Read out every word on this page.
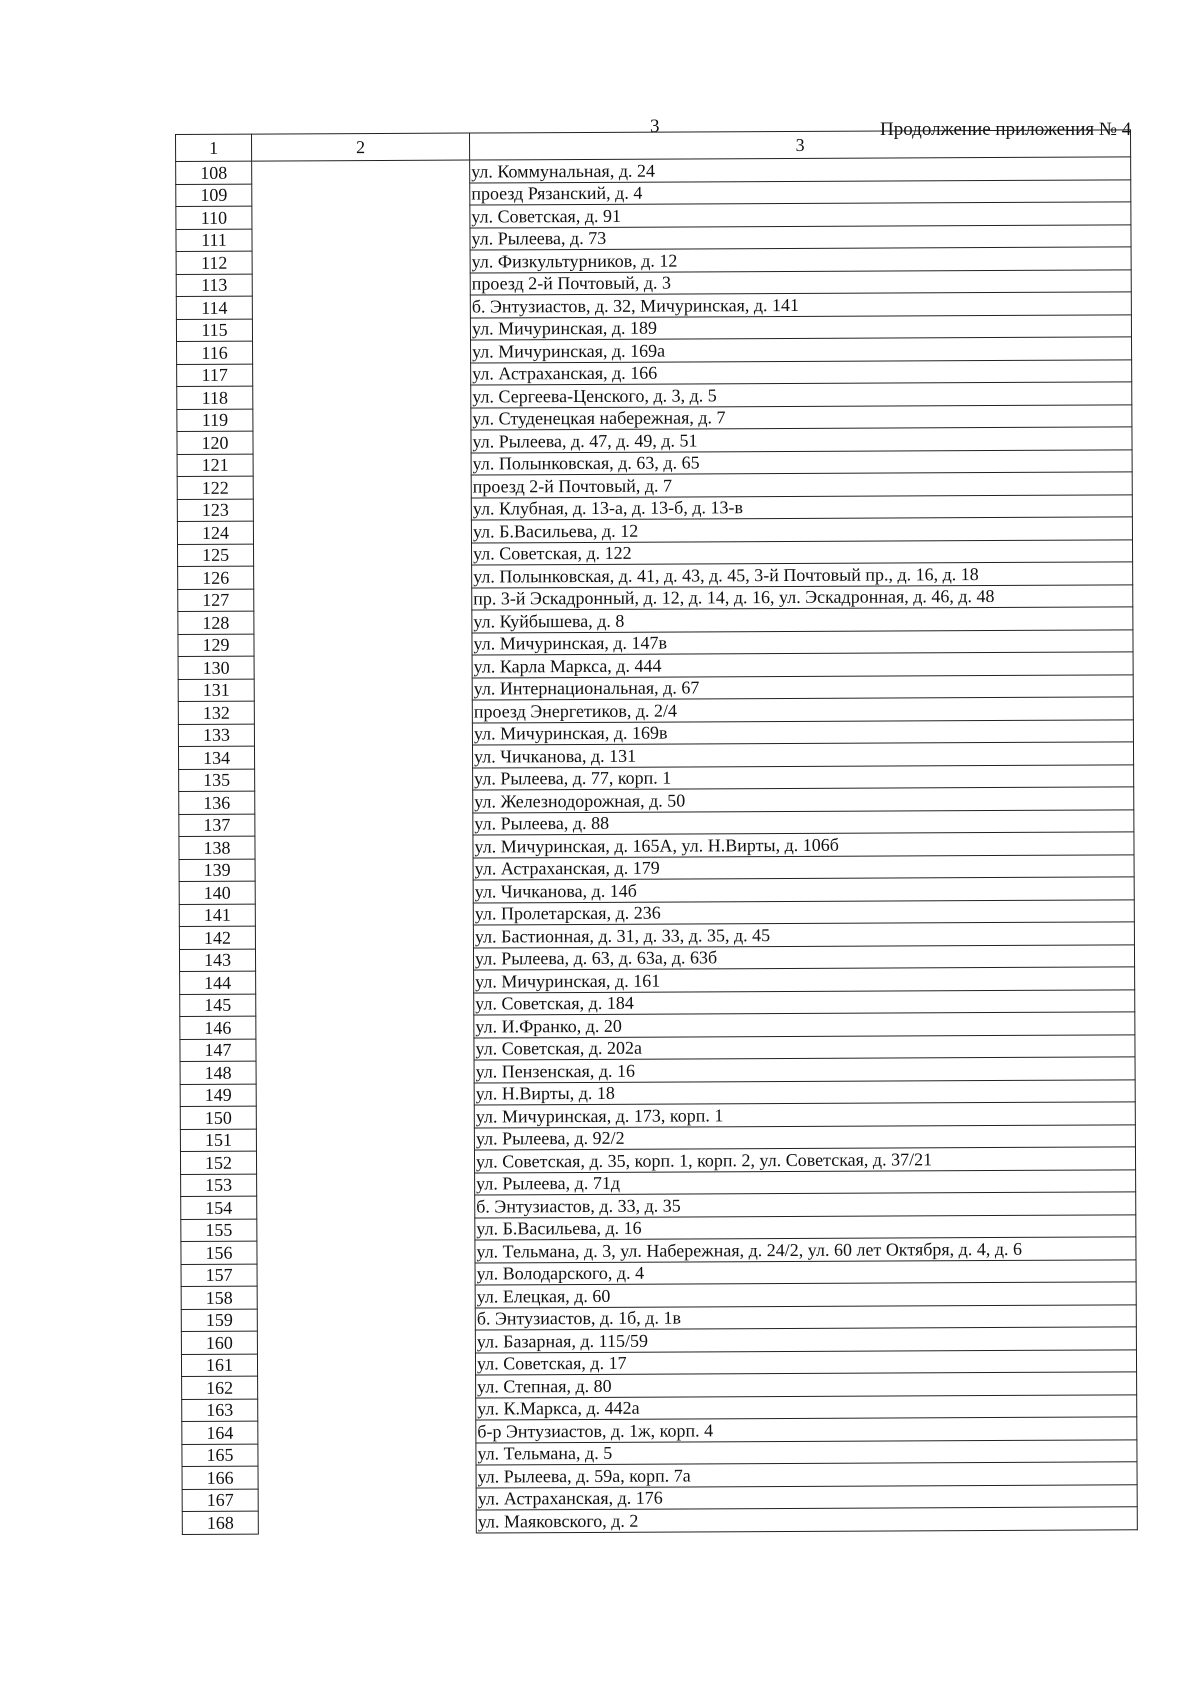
3	Продолжение приложения № 4
1	2	3
108		ул. Коммунальная, д. 24
109		проезд Рязанский, д. 4
110		ул. Советская, д. 91
111		ул. Рылеева, д. 73
112		ул. Физкультурников, д. 12
113		проезд 2-й Почтовый, д. 3
114		б. Энтузиастов, д. 32, Мичуринская, д. 141
115		ул. Мичуринская, д. 189
116		ул. Мичуринская, д. 169а
117		ул. Астраханская, д. 166
118		ул. Сергеева-Ценского, д. 3, д. 5
119		ул. Студенецкая набережная, д. 7
120		ул. Рылеева, д. 47, д. 49, д. 51
121		ул. Полынковская, д. 63, д. 65
122		проезд 2-й Почтовый, д. 7
123		ул. Клубная, д. 13-а, д. 13-б, д. 13-в
124		ул. Б.Васильева, д. 12
125		ул. Советская, д. 122
126		ул. Полынковская, д. 41, д. 43, д. 45, 3-й Почтовый пр., д. 16, д. 18
127		пр. 3-й Эскадронный, д. 12, д. 14, д. 16, ул. Эскадронная, д. 46, д. 48
128		ул. Куйбышева, д. 8
129		ул. Мичуринская, д. 147в
130		ул. Карла Маркса, д. 444
131		ул. Интернациональная, д. 67
132		проезд Энергетиков, д. 2/4
133		ул. Мичуринская, д. 169в
134		ул. Чичканова, д. 131
135		ул. Рылеева, д. 77, корп. 1
136		ул. Железнодорожная, д. 50
137		ул. Рылеева, д. 88
138		ул. Мичуринская, д. 165А, ул. Н.Вирты, д. 106б
139		ул. Астраханская, д. 179
140		ул. Чичканова, д. 14б
141		ул. Пролетарская, д. 236
142		ул. Бастионная, д. 31, д. 33, д. 35, д. 45
143		ул. Рылеева, д. 63, д. 63а, д. 63б
144		ул. Мичуринская, д. 161
145		ул. Советская, д. 184
146		ул. И.Франко, д. 20
147		ул. Советская, д. 202а
148		ул. Пензенская, д. 16
149		ул. Н.Вирты, д. 18
150		ул. Мичуринская, д. 173, корп. 1
151		ул. Рылеева, д. 92/2
152		ул. Советская, д. 35, корп. 1, корп. 2, ул. Советская, д. 37/21
153		ул. Рылеева, д. 71д
154		б. Энтузиастов, д. 33, д. 35
155		ул. Б.Васильева, д. 16
156		ул. Тельмана, д. 3, ул. Набережная, д. 24/2, ул. 60 лет Октября, д. 4, д. 6
157		ул. Володарского, д. 4
158		ул. Елецкая, д. 60
159		б. Энтузиастов, д. 1б, д. 1в
160		ул. Базарная, д. 115/59
161		ул. Советская, д. 17
162		ул. Степная, д. 80
163		ул. К.Маркса, д. 442а
164		б-р Энтузиастов, д. 1ж, корп. 4
165		ул. Тельмана, д. 5
166		ул. Рылеева, д. 59а, корп. 7а
167		ул. Астраханская, д. 176
168		ул. Маяковского, д. 2
